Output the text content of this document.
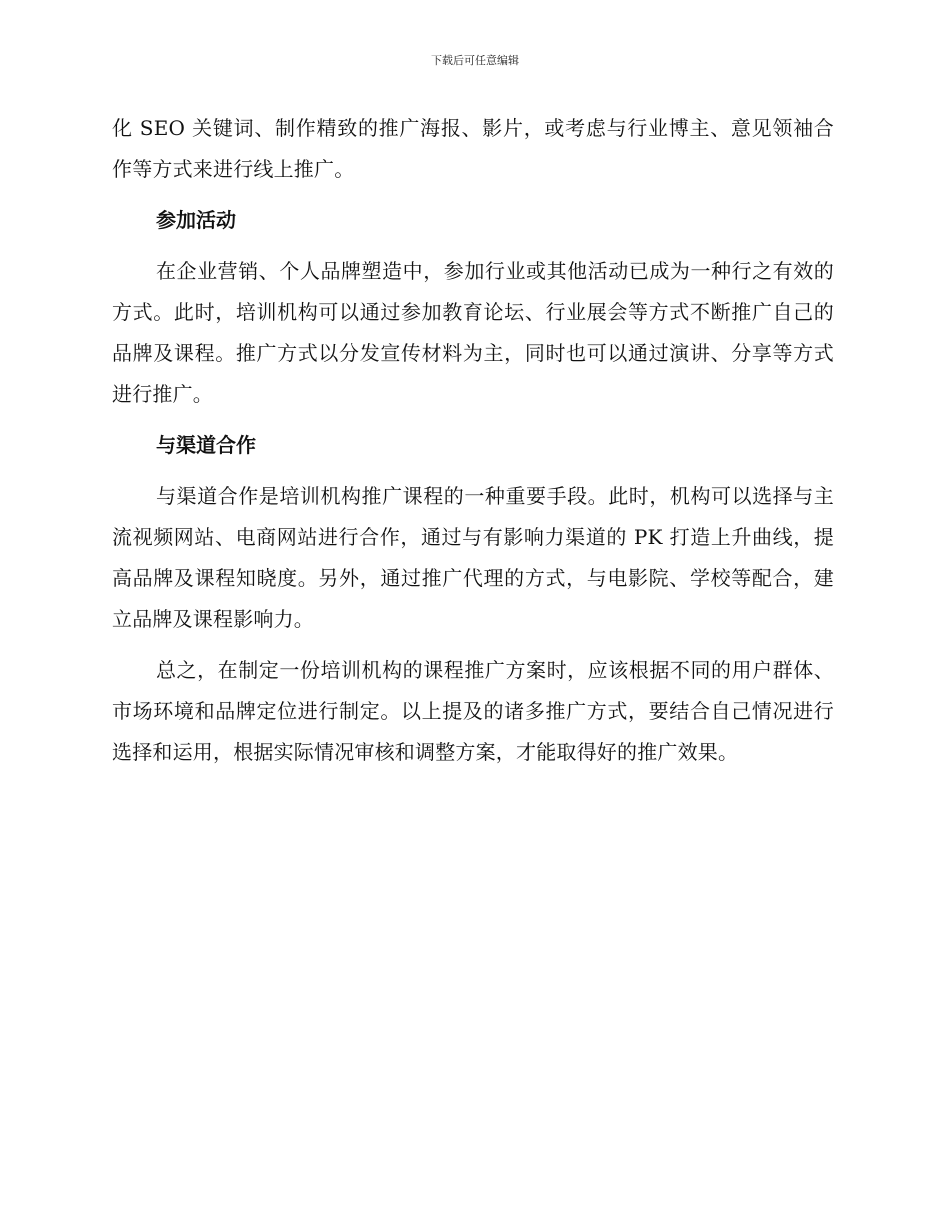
下载后可任意编辑

化 SEO 关键词、制作精致的推广海报、影片，或考虑与行业博主、意见领袖合作等方式来进行线上推广。

参加活动

在企业营销、个人品牌塑造中，参加行业或其他活动已成为一种行之有效的方式。此时，培训机构可以通过参加教育论坛、行业展会等方式不断推广自己的品牌及课程。推广方式以分发宣传材料为主，同时也可以通过演讲、分享等方式进行推广。

与渠道合作

与渠道合作是培训机构推广课程的一种重要手段。此时，机构可以选择与主流视频网站、电商网站进行合作，通过与有影响力渠道的 PK 打造上升曲线，提高品牌及课程知晓度。另外，通过推广代理的方式，与电影院、学校等配合，建立品牌及课程影响力。

总之，在制定一份培训机构的课程推广方案时，应该根据不同的用户群体、市场环境和品牌定位进行制定。以上提及的诸多推广方式，要结合自己情况进行选择和运用，根据实际情况审核和调整方案，才能取得好的推广效果。
